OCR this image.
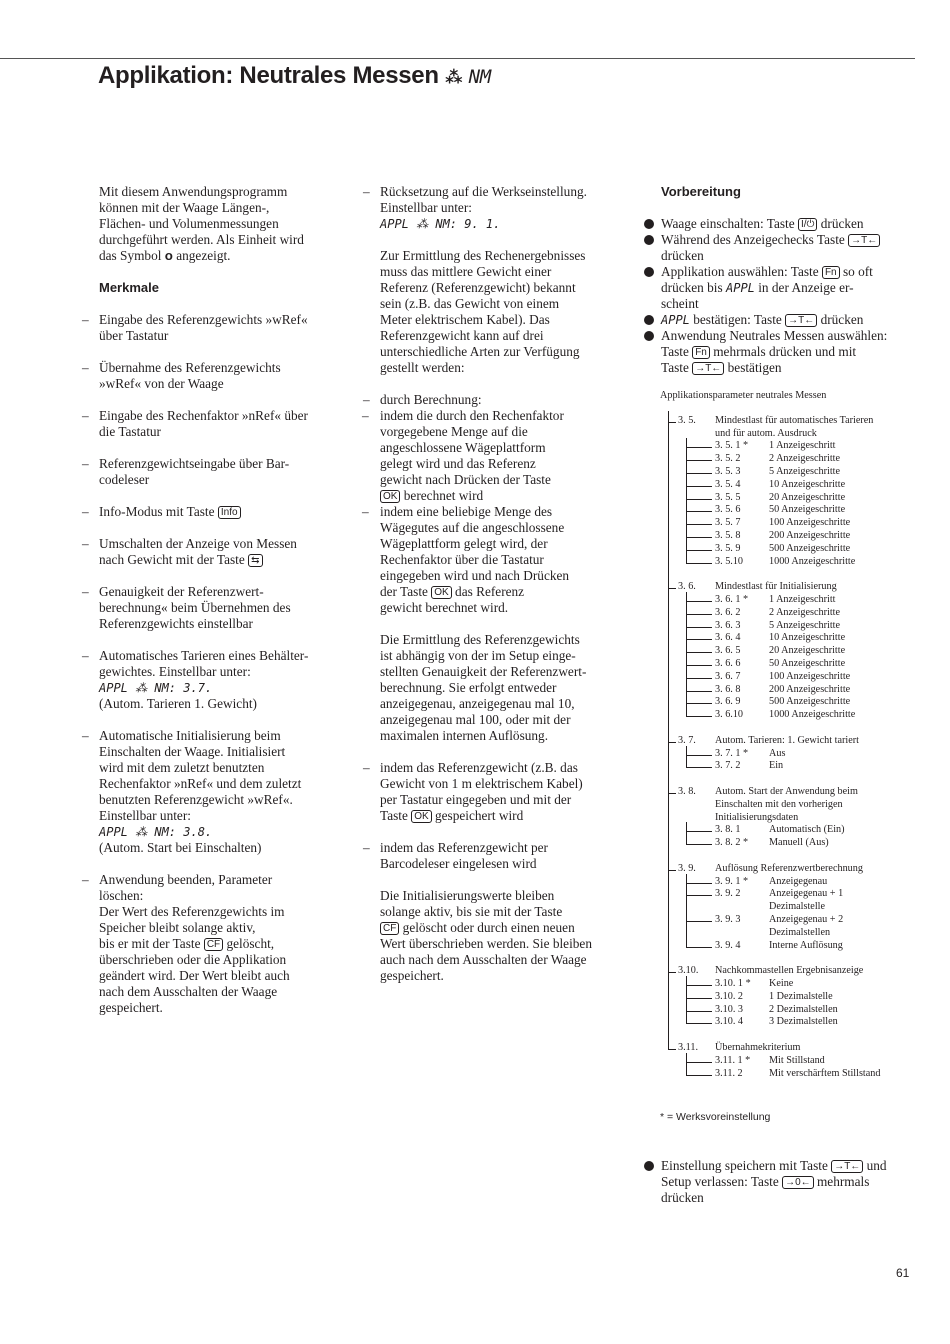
Applikation: Neutrales Messen ⁂ NM

Mit diesem Anwendungsprogramm

können mit der Waage Längen-,

Flächen- und Volumenmessungen

durchgeführt werden. Als Einheit wird

das Symbol o angezeigt.

Merkmale

– Eingabe des Referenzgewichts »wRef«

über Tastatur

– Übernahme des Referenzgewichts

»wRef« von der Waage

– Eingabe des Rechenfaktor »nRef« über

die Tastatur

– Referenzgewichtseingabe über Bar-

codeleser

– Info-Modus mit Taste Info

– Umschalten der Anzeige von Messen

nach Gewicht mit der Taste ⇆

– Genauigkeit der Referenzwert-

berechnung« beim Übernehmen des

Referenzgewichts einstellbar

– Automatisches Tarieren eines Behälter-

gewichtes. Einstellbar unter:

APPL ⁂ NM: 3.7.

(Autom. Tarieren 1. Gewicht)

– Automatische Initialisierung beim

Einschalten der Waage. Initialisiert

wird mit dem zuletzt benutzten

Rechenfaktor »nRef« und dem zuletzt

benutzten Referenzgewicht »wRef«.

Einstellbar unter:

APPL ⁂ NM: 3.8.

(Autom. Start bei Einschalten)

– Anwendung beenden, Parameter

löschen:

Der Wert des Referenzgewichts im

Speicher bleibt solange aktiv,

bis er mit der Taste CF gelöscht,

überschrieben oder die Applikation

geändert wird. Der Wert bleibt auch

nach dem Ausschalten der Waage

gespeichert.

– Rücksetzung auf die Werkseinstellung.

Einstellbar unter:

APPL ⁂ NM: 9. 1.

Zur Ermittlung des Rechenergebnisses

muss das mittlere Gewicht einer

Referenz (Referenzgewicht) bekannt

sein (z.B. das Gewicht von einem

Meter elektrischem Kabel). Das

Referenzgewicht kann auf drei

unterschiedliche Arten zur Verfügung

gestellt werden:

– durch Berechnung:

– indem die durch den Rechenfaktor

vorgegebene Menge auf die

angeschlossene Wägeplattform

gelegt wird und das Referenz

gewicht nach Drücken der Taste

OK berechnet wird

– indem eine beliebige Menge des

Wägegutes auf die angeschlossene

Wägeplattform gelegt wird, der

Rechenfaktor über die Tastatur

eingegeben wird und nach Drücken

der Taste OK das Referenz

gewicht berechnet wird.

Die Ermittlung des Referenzgewichts

ist abhängig von der im Setup einge-

stellten Genauigkeit der Referenzwert-

berechnung. Sie erfolgt entweder

anzeigegenau, anzeigegenau mal 10,

anzeigegenau mal 100, oder mit der

maximalen internen Auflösung.

– indem das Referenzgewicht (z.B. das

Gewicht von 1 m elektrischem Kabel)

per Tastatur eingegeben und mit der

Taste OK gespeichert wird

– indem das Referenzgewicht per

Barcodeleser eingelesen wird

Die Initialisierungswerte bleiben

solange aktiv, bis sie mit der Taste

CF gelöscht oder durch einen neuen

Wert überschrieben werden. Sie bleiben

auch nach dem Ausschalten der Waage

gespeichert.

Vorbereitung

Waage einschalten: Taste I/⏻ drücken

Während des Anzeigechecks Taste →T←

drücken

Applikation auswählen: Taste Fn so oft

drücken bis APPL in der Anzeige er-

scheint

APPL bestätigen: Taste →T← drücken

Anwendung Neutrales Messen auswählen:

Taste Fn mehrmals drücken und mit

Taste →T← bestätigen

Applikationsparameter neutrales Messen
3. 5. Mindestlast für automatisches Tarieren
und für autom. Ausdruck
3. 5. 1 * 1 Anzeigeschritt
3. 5. 2	2 Anzeigeschritte
3. 5. 3	5 Anzeigeschritte
3. 5. 4	10 Anzeigeschritte
3. 5. 5	20 Anzeigeschritte
3. 5. 6	50 Anzeigeschritte
3. 5. 7	100 Anzeigeschritte
3. 5. 8	200 Anzeigeschritte
3. 5. 9	500 Anzeigeschritte
3. 5.10	1000 Anzeigeschritte
3. 6. Mindestlast für Initialisierung
3. 6. 1 * 1 Anzeigeschritt
3. 6. 2	2 Anzeigeschritte
3. 6. 3	5 Anzeigeschritte
3. 6. 4	10 Anzeigeschritte
3. 6. 5	20 Anzeigeschritte
3. 6. 6	50 Anzeigeschritte
3. 6. 7	100 Anzeigeschritte
3. 6. 8	200 Anzeigeschritte
3. 6. 9	500 Anzeigeschritte
3. 6.10	1000 Anzeigeschritte
3. 7. Autom. Tarieren: 1. Gewicht tariert
3. 7. 1 * Aus
3. 7. 2	Ein
3. 8. Autom. Start der Anwendung beim
Einschalten mit den vorherigen
Initialisierungsdaten
3. 8. 1	Automatisch (Ein)
3. 8. 2 * Manuell (Aus)
3. 9. Auflösung Referenzwertberechnung
3. 9. 1 * Anzeigegenau
3. 9. 2	Anzeigegenau + 1
Dezimalstelle
3. 9. 3	Anzeigegenau + 2
Dezimalstellen
3. 9. 4	Interne Auflösung
3.10. Nachkommastellen Ergebnisanzeige
3.10. 1 * Keine
3.10. 2	1 Dezimalstelle
3.10. 3	2 Dezimalstellen
3.10. 4	3 Dezimalstellen
3.11. Übernahmekriterium
3.11. 1 * Mit Stillstand
3.11. 2	Mit verschärftem Stillstand
* = Werksvoreinstellung

Einstellung speichern mit Taste →T← und

Setup verlassen: Taste →0← mehrmals

drücken

61
